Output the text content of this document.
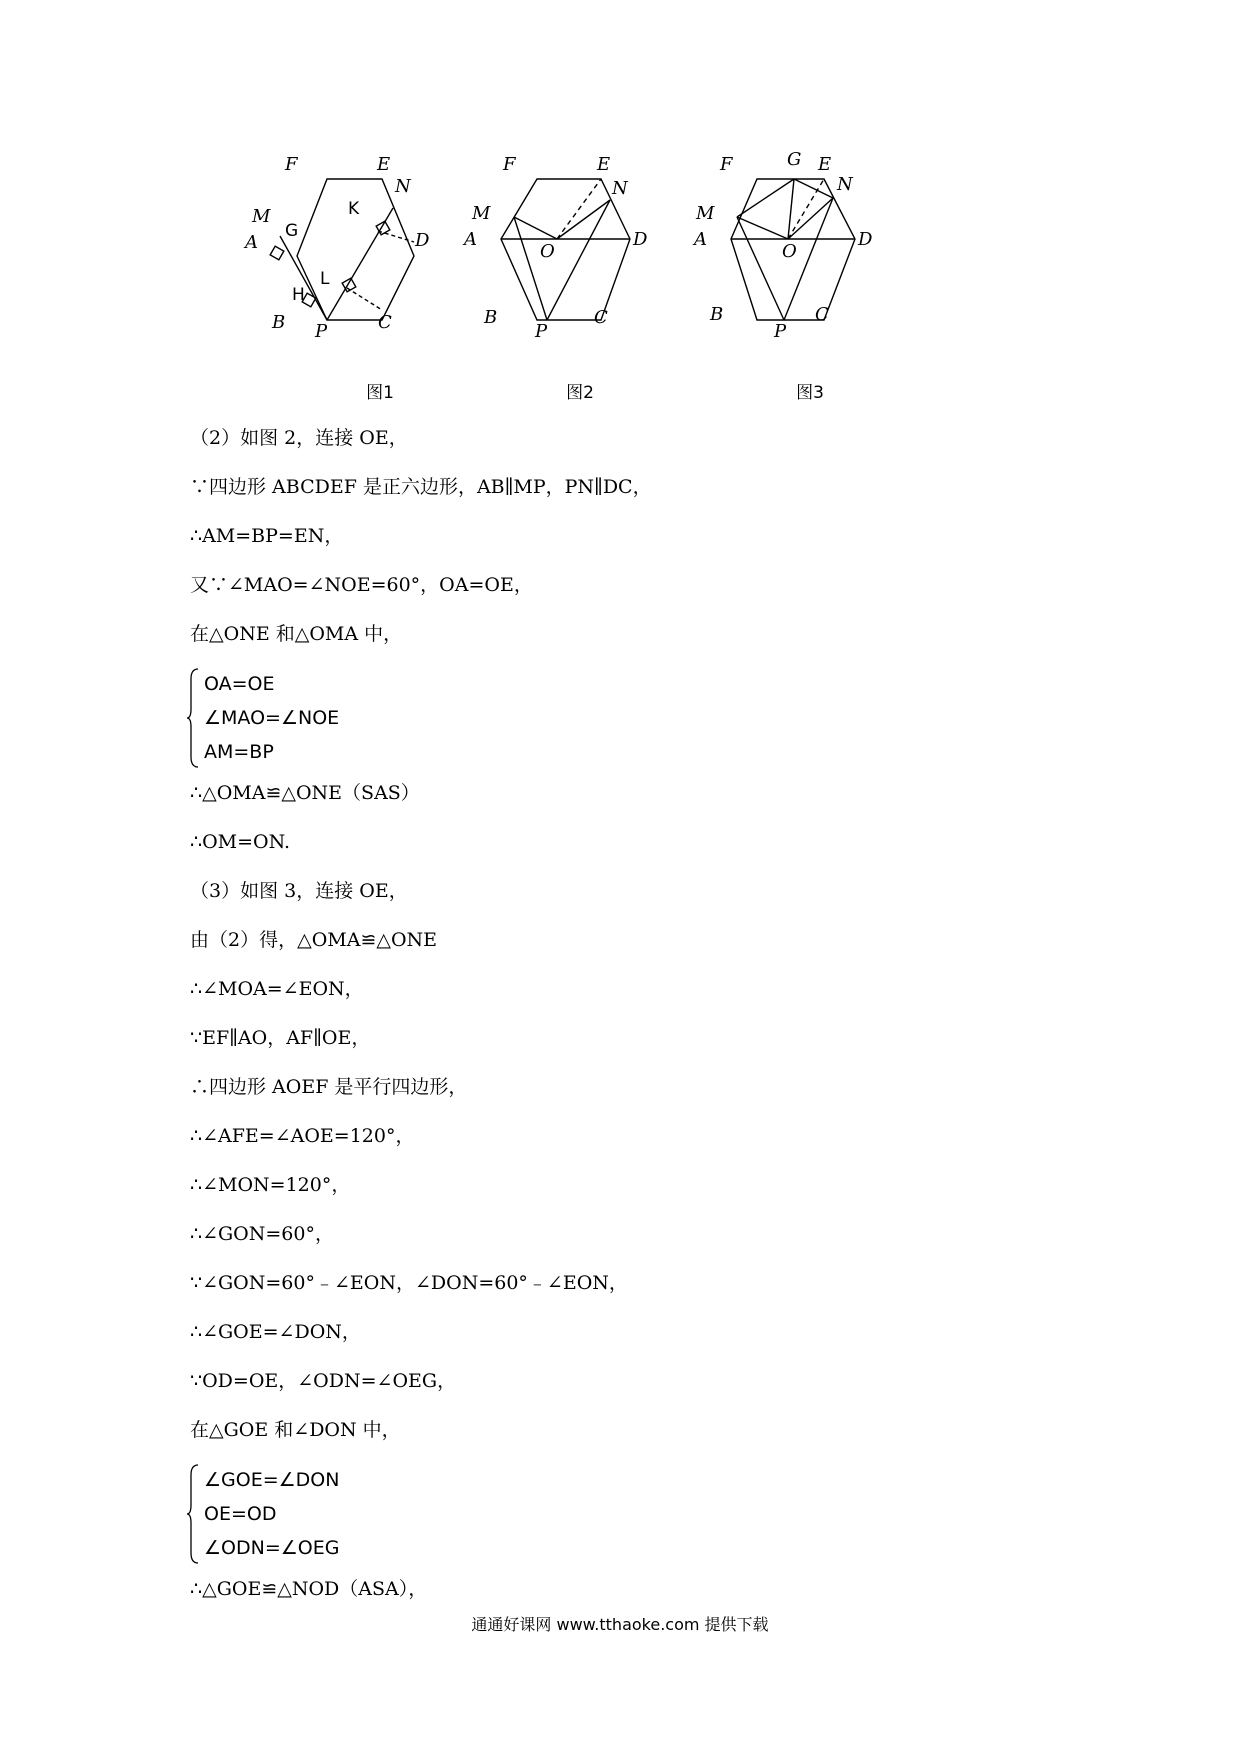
F	E
N
M
G
K
A	D
L
H
B P	C
图1
F	E
N
M
A
O
D
B
P
C
图2
F	G E
N
M
A
O
D
B
P
C
图3
（2）如图 2，连接 OE，
∵四边形 ABCDEF 是正六边形，AB∥MP，PN∥DC，
∴AM=BP=EN，
又∵∠MAO=∠NOE=60°，OA=OE，
在△ONE 和△OMA 中，
OA=OE
∠MAO=∠NOE
AM=BP
∴△OMA≌△ONE（SAS）
∴OM=ON.
（3）如图 3，连接 OE，
由（2）得，△OMA≌△ONE
∴∠MOA=∠EON，
∵EF∥AO，AF∥OE，
∴四边形 AOEF 是平行四边形，
∴∠AFE=∠AOE=120°，
∴∠MON=120°，
∴∠GON=60°，
∵∠GON=60°﹣∠EON，∠DON=60°﹣∠EON，
∴∠GOE=∠DON，
∵OD=OE，∠ODN=∠OEG，
在△GOE 和∠DON 中，
∠GOE=∠DON
OE=OD
∠ODN=∠OEG
∴△GOE≌△NOD（ASA），
通通好课网 www.tthaoke.com 提供下载
